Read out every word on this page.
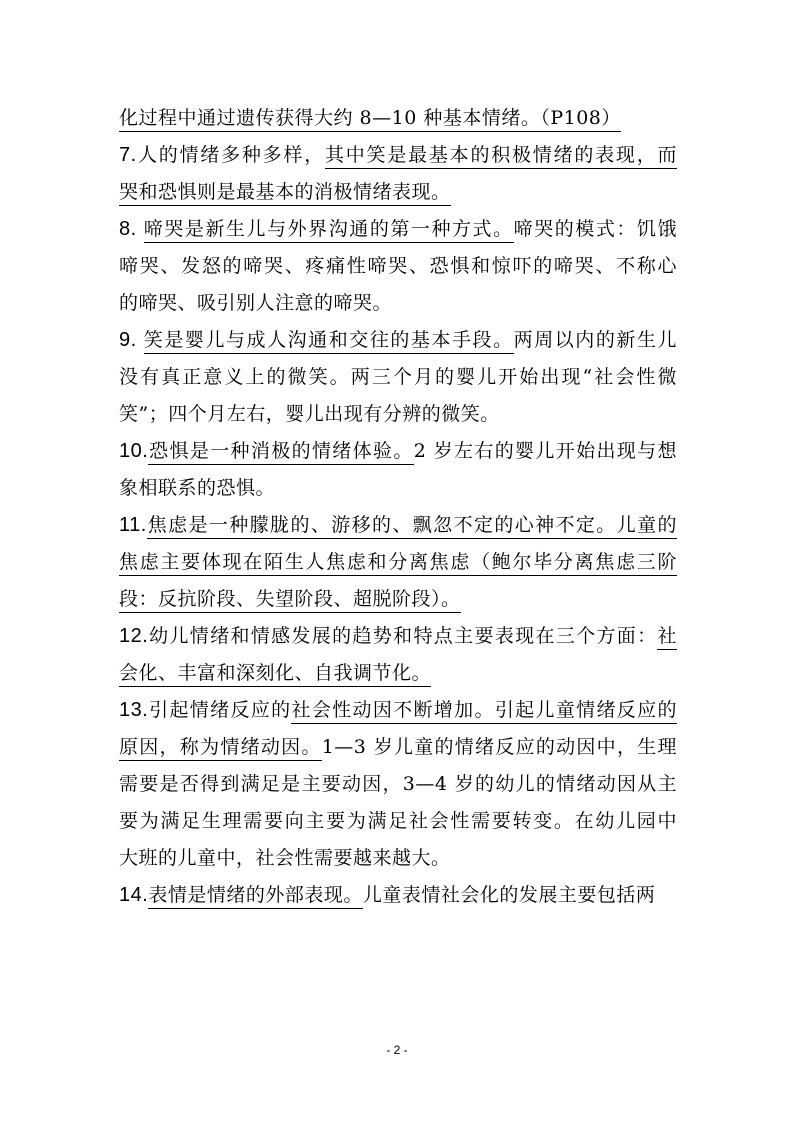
化过程中通过遗传获得大约 8—10 种基本情绪。（P108）
7.人的情绪多种多样，其中笑是最基本的积极情绪的表现，而
哭和恐惧则是最基本的消极情绪表现。
8. 啼哭是新生儿与外界沟通的第一种方式。啼哭的模式：饥饿
啼哭、发怒的啼哭、疼痛性啼哭、恐惧和惊吓的啼哭、不称心
的啼哭、吸引别人注意的啼哭。
9. 笑是婴儿与成人沟通和交往的基本手段。两周以内的新生儿
没有真正意义上的微笑。两三个月的婴儿开始出现“社会性微
笑”；四个月左右，婴儿出现有分辨的微笑。
10.恐惧是一种消极的情绪体验。2 岁左右的婴儿开始出现与想
象相联系的恐惧。
11.焦虑是一种朦胧的、游移的、飘忽不定的心神不定。儿童的
焦虑主要体现在陌生人焦虑和分离焦虑（鲍尔毕分离焦虑三阶
段：反抗阶段、失望阶段、超脱阶段）。
12.幼儿情绪和情感发展的趋势和特点主要表现在三个方面：社
会化、丰富和深刻化、自我调节化。
13.引起情绪反应的社会性动因不断增加。引起儿童情绪反应的
原因，称为情绪动因。1—3 岁儿童的情绪反应的动因中，生理
需要是否得到满足是主要动因，3—4 岁的幼儿的情绪动因从主
要为满足生理需要向主要为满足社会性需要转变。在幼儿园中
大班的儿童中，社会性需要越来越大。
14.表情是情绪的外部表现。儿童表情社会化的发展主要包括两
- 2 -
